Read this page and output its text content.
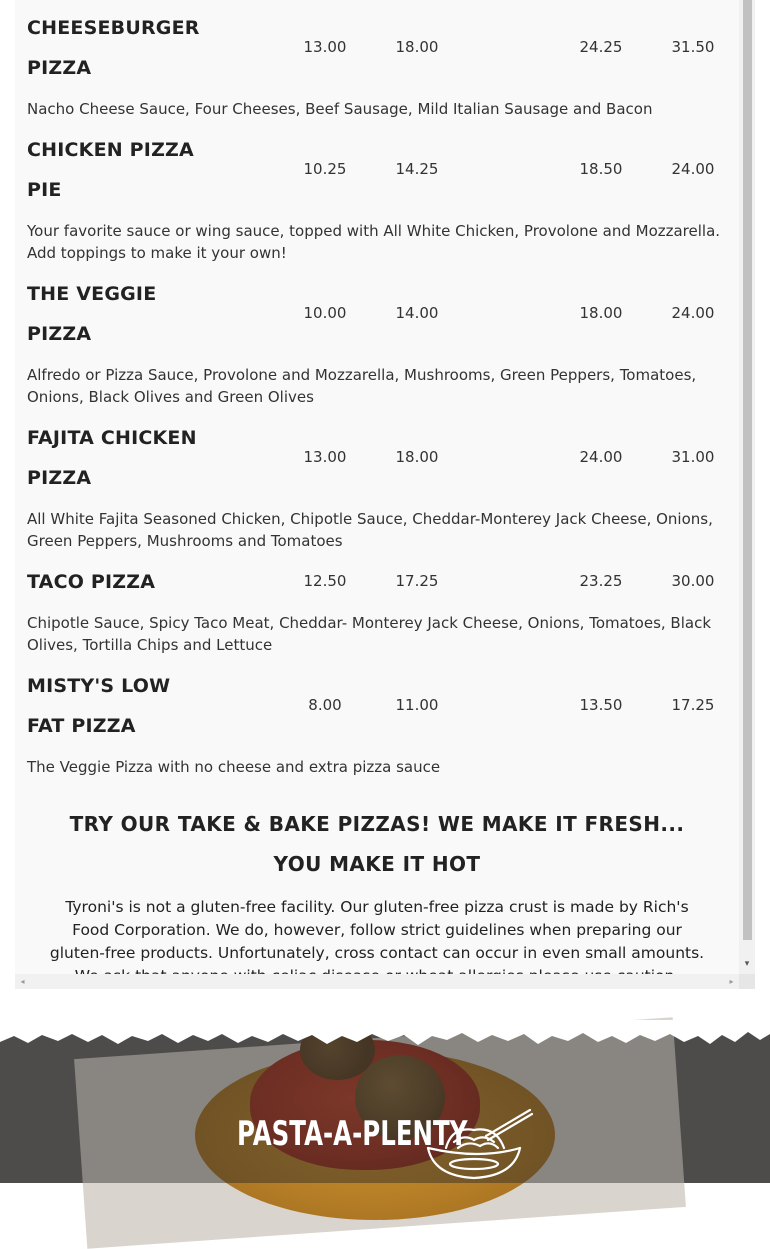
CHEESEBURGER PIZZA
13.00	18.00	24.25	31.50

Nacho Cheese Sauce, Four Cheeses, Beef Sausage, Mild Italian Sausage and Bacon

CHICKEN PIZZA PIE
10.25	14.25	18.50	24.00

Your favorite sauce or wing sauce, topped with All White Chicken, Provolone and Mozzarella. Add toppings to make it your own!

THE VEGGIE PIZZA
10.00	14.00	18.00	24.00

Alfredo or Pizza Sauce, Provolone and Mozzarella, Mushrooms, Green Peppers, Tomatoes, Onions, Black Olives and Green Olives

FAJITA CHICKEN PIZZA
13.00	18.00	24.00	31.00

All White Fajita Seasoned Chicken, Chipotle Sauce, Cheddar-Monterey Jack Cheese, Onions, Green Peppers, Mushrooms and Tomatoes

TACO PIZZA	12.50	17.25	23.25	30.00

Chipotle Sauce, Spicy Taco Meat, Cheddar- Monterey Jack Cheese, Onions, Tomatoes, Black Olives, Tortilla Chips and Lettuce

MISTY'S LOW FAT PIZZA
8.00	11.00	13.50	17.25

The Veggie Pizza with no cheese and extra pizza sauce

TRY OUR TAKE & BAKE PIZZAS! WE MAKE IT FRESH... YOU MAKE IT HOT

Tyroni's is not a gluten-free facility. Our gluten-free pizza crust is made by Rich's Food Corporation. We do, however, follow strict guidelines when preparing our gluten-free products. Unfortunately, cross contact can occur in even small amounts.
▾
◂	▸
PASTA-A-PLENTY
